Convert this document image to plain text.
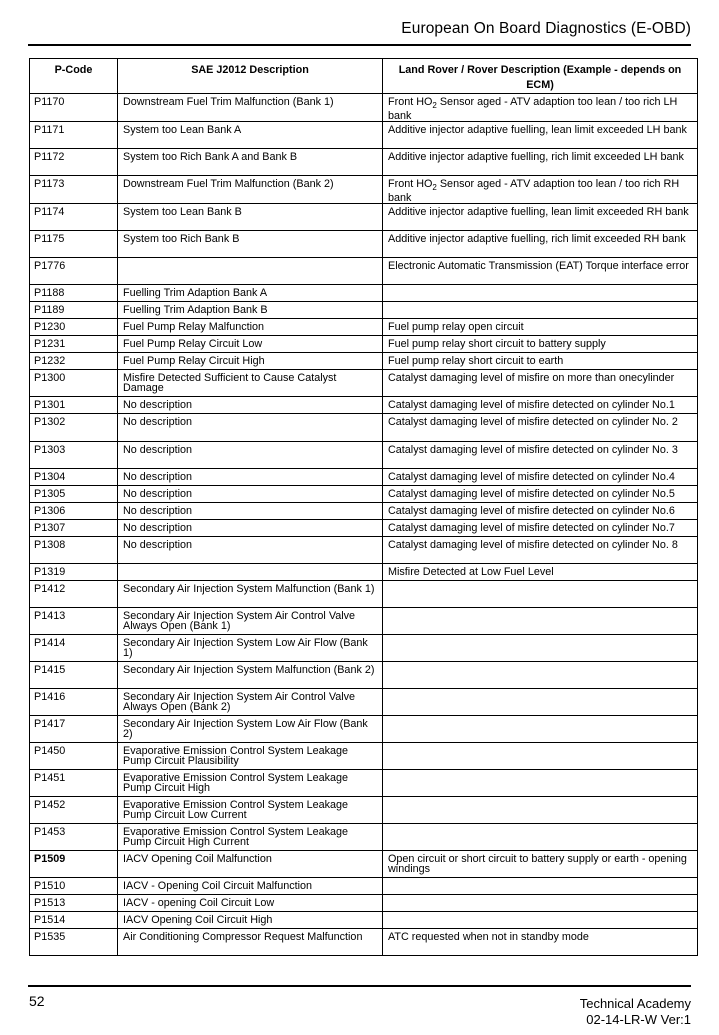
European On Board Diagnostics (E-OBD)
P-Code	SAE J2012 Description	Land Rover / Rover Description (Example - depends on ECM)
P1170	Downstream Fuel Trim Malfunction (Bank 1)	Front $HO_2$ Sensor aged - ATV adaption too lean / too rich LH bank
P1171	System too Lean Bank A	Additive injector adaptive fuelling, lean limit exceeded LH bank
P1172	System too Rich Bank A and Bank B	Additive injector adaptive fuelling, rich limit exceeded LH bank
P1173	Downstream Fuel Trim Malfunction (Bank 2)	Front $HO_2$ Sensor aged - ATV adaption too lean / too rich RH bank
P1174	System too Lean Bank B	Additive injector adaptive fuelling, lean limit exceeded RH bank
P1175	System too Rich Bank B	Additive injector adaptive fuelling, rich limit exceeded RH bank
P1776		Electronic Automatic Transmission (EAT) Torque interface error
P1188	Fuelling Trim Adaption Bank A	
P1189	Fuelling Trim Adaption Bank B	
P1230	Fuel Pump Relay Malfunction	Fuel pump relay open circuit
P1231	Fuel Pump Relay Circuit Low	Fuel pump relay short circuit to battery supply
P1232	Fuel Pump Relay Circuit High	Fuel pump relay short circuit to earth
P1300	Misfire Detected Sufficient to Cause Catalyst Damage	Catalyst damaging level of misfire on more than onecylinder
P1301	No description	Catalyst damaging level of misfire detected on cylinder No.1
P1302	No description	Catalyst damaging level of misfire detected on cylinder No. 2
P1303	No description	Catalyst damaging level of misfire detected on cylinder No. 3
P1304	No description	Catalyst damaging level of misfire detected on cylinder No.4
P1305	No description	Catalyst damaging level of misfire detected on cylinder No.5
P1306	No description	Catalyst damaging level of misfire detected on cylinder No.6
P1307	No description	Catalyst damaging level of misfire detected on cylinder No.7
P1308	No description	Catalyst damaging level of misfire detected on cylinder No. 8
P1319		Misfire Detected at Low Fuel Level
P1412	Secondary Air Injection System Malfunction (Bank 1)	
P1413	Secondary Air Injection System Air Control Valve Always Open (Bank 1)	
P1414	Secondary Air Injection System Low Air Flow (Bank 1)	
P1415	Secondary Air Injection System Malfunction (Bank 2)	
P1416	Secondary Air Injection System Air Control Valve Always Open (Bank 2)	
P1417	Secondary Air Injection System Low Air Flow (Bank 2)	
P1450	Evaporative Emission Control System Leakage Pump Circuit Plausibility	
P1451	Evaporative Emission Control System Leakage Pump Circuit High	
P1452	Evaporative Emission Control System Leakage Pump Circuit Low Current	
P1453	Evaporative Emission Control System Leakage Pump Circuit High Current	
P1509	IACV Opening Coil Malfunction	Open circuit or short circuit to battery supply or earth - opening windings
P1510	IACV - Opening Coil Circuit Malfunction	
P1513	IACV - opening Coil Circuit Low	
P1514	IACV Opening Coil Circuit High	
P1535	Air Conditioning Compressor Request Malfunction	ATC requested when not in standby mode
52	Technical Academy
02-14-LR-W Ver:1
